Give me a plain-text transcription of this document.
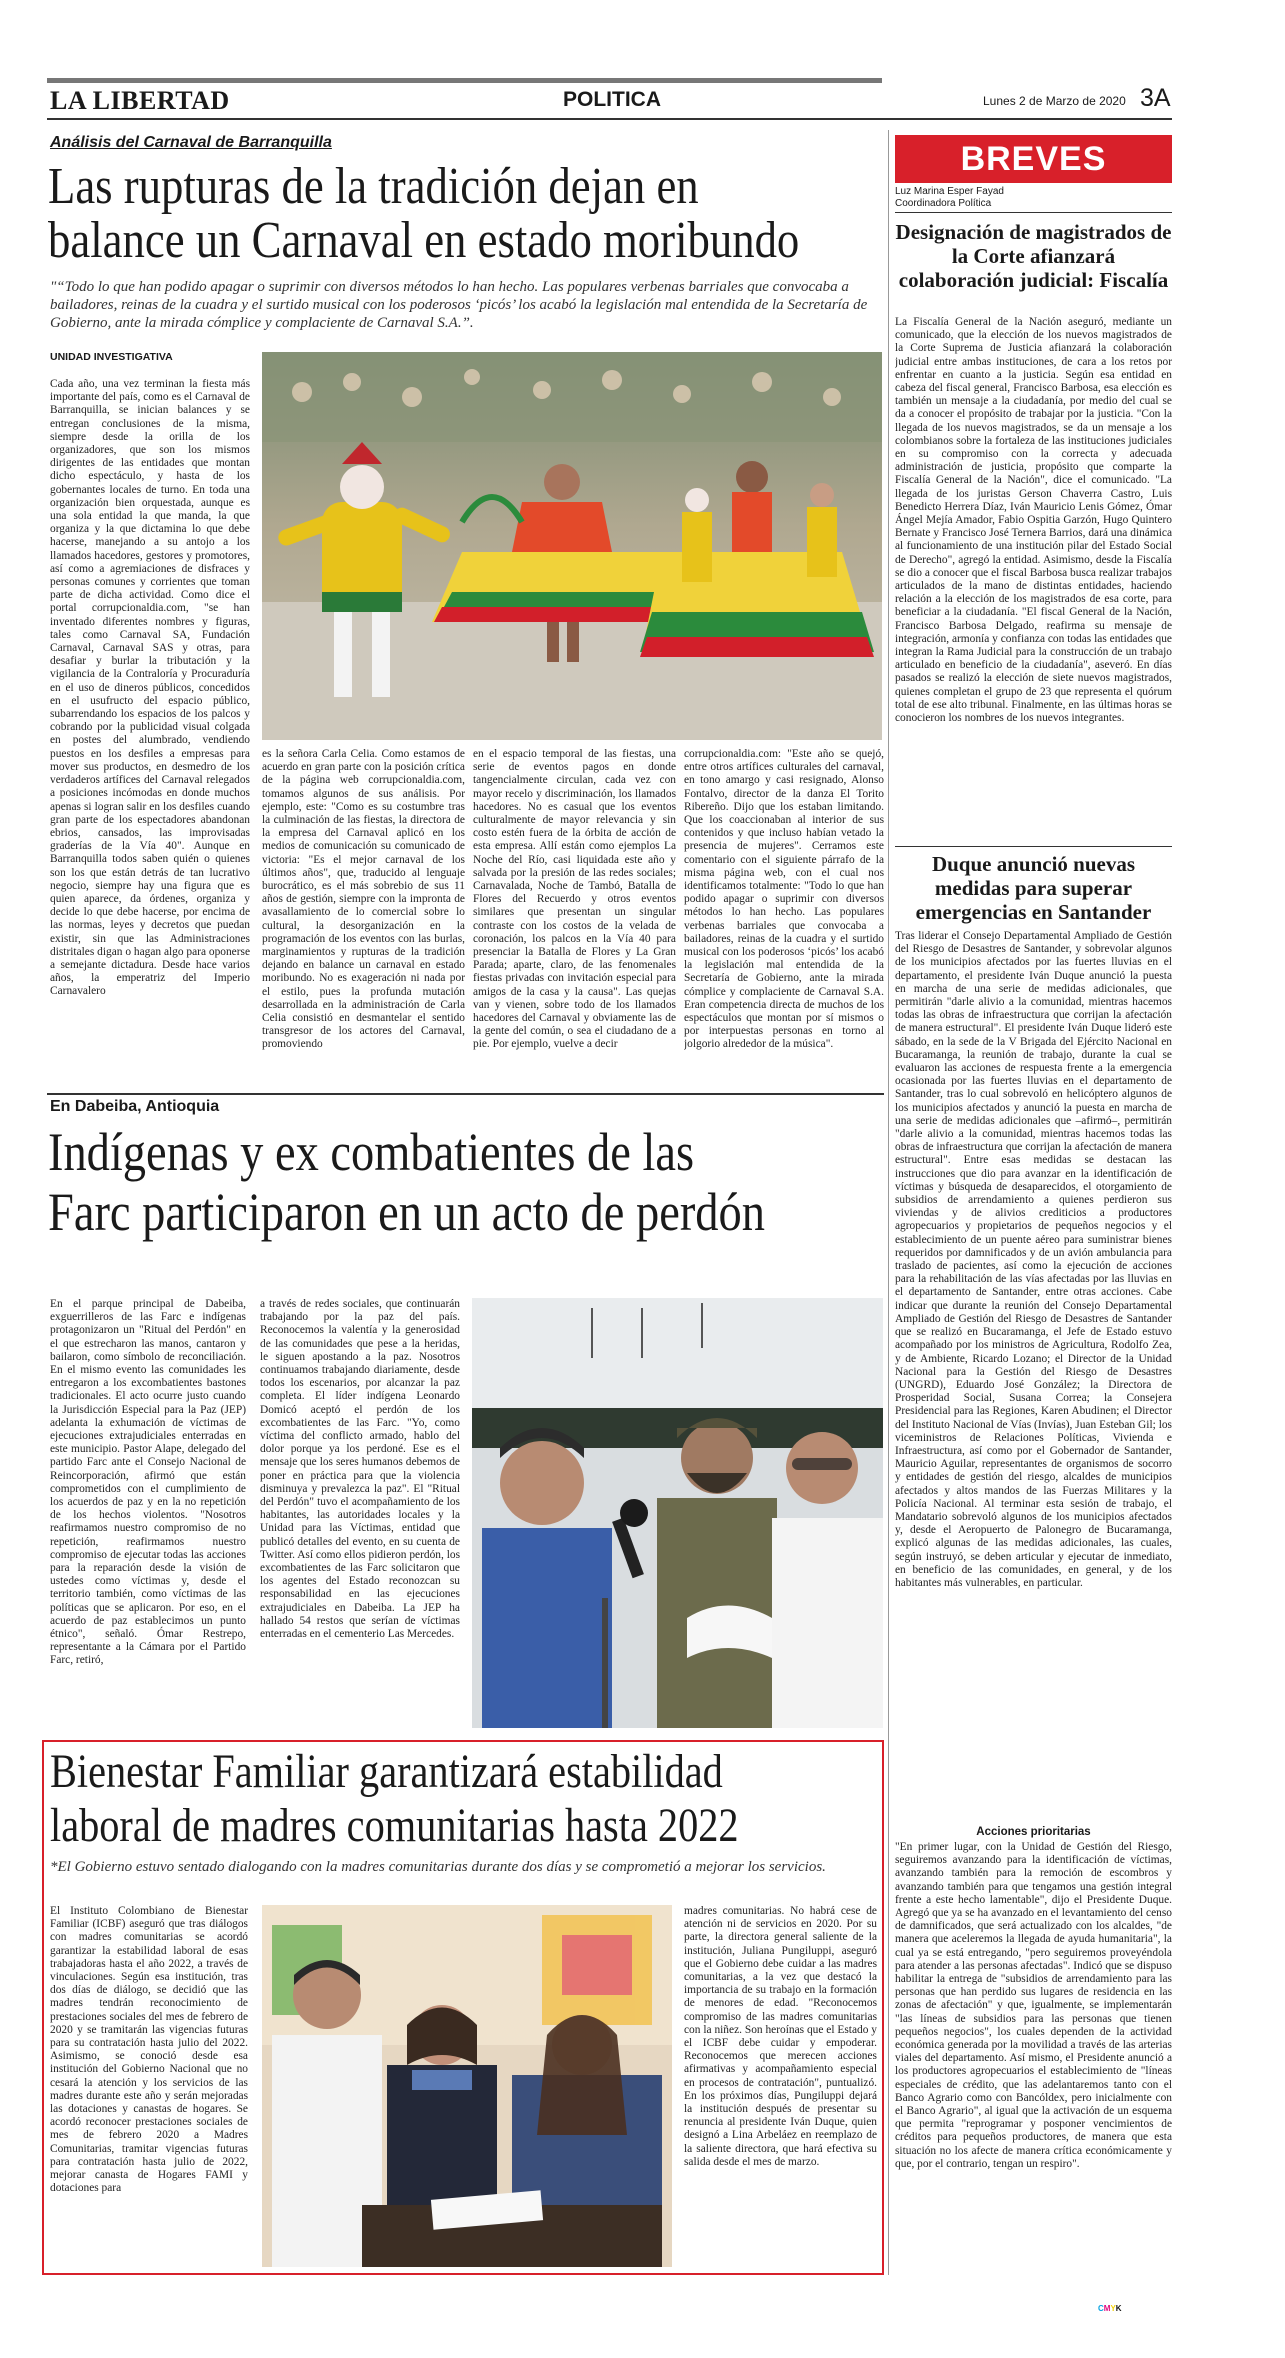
LA LIBERTAD	POLITICA	Lunes 2 de Marzo de 2020 3A
Análisis del Carnaval de Barranquilla
Las rupturas de la tradición dejan en
balance un Carnaval en estado moribundo
"“Todo lo que han podido apagar o suprimir con diversos métodos lo han hecho. Las populares verbenas barriales que convocaba a bailadores, reinas de la cuadra y el surtido musical con los poderosos ‘picós’ los acabó la legislación mal entendida de la Secretaría de Gobierno, ante la mirada cómplice y complaciente de Carnaval S.A.”.
UNIDAD INVESTIGATIVA
Cada año, una vez terminan la fiesta más importante del país, como es el Carnaval de Barranquilla, se inician balances y se entregan conclusiones de la misma, siempre desde la orilla de los organizadores, que son los mismos dirigentes de las entidades que montan dicho espectáculo, y hasta de los gobernantes locales de turno. En toda una organización bien orquestada, aunque es una sola entidad la que manda, la que organiza y la que dictamina lo que debe hacerse, manejando a su antojo a los llamados hacedores, gestores y promotores, así como a agremiaciones de disfraces y personas comunes y corrientes que toman parte de dicha actividad. Como dice el portal corrupcionaldia.com, "se han inventado diferentes nombres y figuras, tales como Carnaval SA, Fundación Carnaval, Carnaval SAS y otras, para desafiar y burlar la tributación y la vigilancia de la Contraloría y Procuraduría en el uso de dineros públicos, concedidos en el usufructo del espacio público, subarrendando los espacios de los palcos y cobrando por la publicidad visual colgada en postes del alumbrado, vendiendo puestos en los desfiles a empresas para mover sus productos, en desmedro de los verdaderos artífices del Carnaval relegados a posiciones incómodas en donde muchos apenas si logran salir en los desfiles cuando gran parte de los espectadores abandonan ebrios, cansados, las improvisadas graderías de la Vía 40". Aunque en Barranquilla todos saben quién o quienes son los que están detrás de tan lucrativo negocio, siempre hay una figura que es quien aparece, da órdenes, organiza y decide lo que debe hacerse, por encima de las normas, leyes y decretos que puedan existir, sin que las Administraciones distritales digan o hagan algo para oponerse a semejante dictadura. Desde hace varios años, la emperatriz del Imperio Carnavalero
es la señora Carla Celia. Como estamos de acuerdo en gran parte con la posición crítica de la página web corrupcionaldia.com, tomamos algunos de sus análisis. Por ejemplo, este: "Como es su costumbre tras la culminación de las fiestas, la directora de la empresa del Carnaval aplicó en los medios de comunicación su comunicado de victoria: "Es el mejor carnaval de los últimos años", que, traducido al lenguaje burocrático, es el más sobrebio de sus 11 años de gestión, siempre con la impronta de avasallamiento de lo comercial sobre lo cultural, la desorganización en la programación de los eventos con las burlas, marginamientos y rupturas de la tradición dejando en balance un carnaval en estado moribundo. No es exageración ni nada por el estilo, pues la profunda mutación desarrollada en la administración de Carla Celia consistió en desmantelar el sentido transgresor de los actores del Carnaval, promoviendo
en el espacio temporal de las fiestas, una serie de eventos pagos en donde tangencialmente circulan, cada vez con mayor recelo y discriminación, los llamados hacedores. No es casual que los eventos culturalmente de mayor relevancia y sin costo estén fuera de la órbita de acción de esta empresa. Allí están como ejemplos La Noche del Río, casi liquidada este año y salvada por la presión de las redes sociales; Carnavalada, Noche de Tambó, Batalla de Flores del Recuerdo y otros eventos similares que presentan un singular contraste con los costos de la velada de coronación, los palcos en la Vía 40 para presenciar la Batalla de Flores y La Gran Parada; aparte, claro, de las fenomenales fiestas privadas con invitación especial para amigos de la casa y la causa". Las quejas van y vienen, sobre todo de los llamados hacedores del Carnaval y obviamente las de la gente del común, o sea el ciudadano de a pie. Por ejemplo, vuelve a decir
corrupcionaldia.com: "Este año se quejó, entre otros artífices culturales del carnaval, en tono amargo y casi resignado, Alonso Fontalvo, director de la danza El Torito Ribereño. Dijo que los estaban limitando. Que los coaccionaban al interior de sus contenidos y que incluso habían vetado la presencia de mujeres". Cerramos este comentario con el siguiente párrafo de la misma página web, con el cual nos identificamos totalmente: "Todo lo que han podido apagar o suprimir con diversos métodos lo han hecho. Las populares verbenas barriales que convocaba a bailadores, reinas de la cuadra y el surtido musical con los poderosos ‘picós’ los acabó la legislación mal entendida de la Secretaría de Gobierno, ante la mirada cómplice y complaciente de Carnaval S.A. Eran competencia directa de muchos de los espectáculos que montan por sí mismos o por interpuestas personas en torno al jolgorio alrededor de la música".
En Dabeiba, Antioquia
Indígenas y ex combatientes de las
Farc participaron en un acto de perdón
En el parque principal de Dabeiba, exguerrilleros de las Farc e indígenas protagonizaron un "Ritual del Perdón" en el que estrecharon las manos, cantaron y bailaron, como símbolo de reconciliación. En el mismo evento las comunidades les entregaron a los excombatientes bastones tradicionales. El acto ocurre justo cuando la Jurisdicción Especial para la Paz (JEP) adelanta la exhumación de víctimas de ejecuciones extrajudiciales enterradas en este municipio. Pastor Alape, delegado del partido Farc ante el Consejo Nacional de Reincorporación, afirmó que están comprometidos con el cumplimiento de los acuerdos de paz y en la no repetición de los hechos violentos. "Nosotros reafirmamos nuestro compromiso de no repetición, reafirmamos nuestro compromiso de ejecutar todas las acciones para la reparación desde la visión de ustedes como víctimas y, desde el territorio también, como víctimas de las políticas que se aplicaron. Por eso, en el acuerdo de paz establecimos un punto étnico", señaló. Ómar Restrepo, representante a la Cámara por el Partido Farc, retiró,
a través de redes sociales, que continuarán trabajando por la paz del país. Reconocemos la valentía y la generosidad de las comunidades que pese a la heridas, le siguen apostando a la paz. Nosotros continuamos trabajando diariamente, desde todos los escenarios, por alcanzar la paz completa. El líder indígena Leonardo Domicó aceptó el perdón de los excombatientes de las Farc. "Yo, como víctima del conflicto armado, hablo del dolor porque ya los perdoné. Ese es el mensaje que los seres humanos debemos de poner en práctica para que la violencia disminuya y prevalezca la paz". El "Ritual del Perdón" tuvo el acompañamiento de los habitantes, las autoridades locales y la Unidad para las Víctimas, entidad que publicó detalles del evento, en su cuenta de Twitter. Así como ellos pidieron perdón, los excombatientes de las Farc solicitaron que los agentes del Estado reconozcan su responsabilidad en las ejecuciones extrajudiciales en Dabeiba. La JEP ha hallado 54 restos que serían de víctimas enterradas en el cementerio Las Mercedes.
Bienestar Familiar garantizará estabilidad
laboral de madres comunitarias hasta 2022
*El Gobierno estuvo sentado dialogando con la madres comunitarias durante dos días y se comprometió a mejorar los servicios.
El Instituto Colombiano de Bienestar Familiar (ICBF) aseguró que tras diálogos con madres comunitarias se acordó garantizar la estabilidad laboral de esas trabajadoras hasta el año 2022, a través de vinculaciones. Según esa institución, tras dos días de diálogo, se decidió que las madres tendrán reconocimiento de prestaciones sociales del mes de febrero de 2020 y se tramitarán las vigencias futuras para su contratación hasta julio del 2022. Asimismo, se conoció desde esa institución del Gobierno Nacional que no cesará la atención y los servicios de las madres durante este año y serán mejoradas las dotaciones y canastas de hogares. Se acordó reconocer prestaciones sociales de mes de febrero 2020 a Madres Comunitarias, tramitar vigencias futuras para contratación hasta julio de 2022, mejorar canasta de Hogares FAMI y dotaciones para
madres comunitarias. No habrá cese de atención ni de servicios en 2020. Por su parte, la directora general saliente de la institución, Juliana Pungiluppi, aseguró que el Gobierno debe cuidar a las madres comunitarias, a la vez que destacó la importancia de su trabajo en la formación de menores de edad. "Reconocemos compromiso de las madres comunitarias con la niñez. Son heroínas que el Estado y el ICBF debe cuidar y empoderar. Reconocemos que merecen acciones afirmativas y acompañamiento especial en procesos de contratación", puntualizó. En los próximos días, Pungiluppi dejará la institución después de presentar su renuncia al presidente Iván Duque, quien designó a Lina Arbeláez en reemplazo de la saliente directora, que hará efectiva su salida desde el mes de marzo.
BREVES
Luz Marina Esper Fayad
Coordinadora Política
Designación de magistrados de la Corte afianzará colaboración judicial: Fiscalía
La Fiscalía General de la Nación aseguró, mediante un comunicado, que la elección de los nuevos magistrados de la Corte Suprema de Justicia afianzará la colaboración judicial entre ambas instituciones, de cara a los retos por enfrentar en cuanto a la justicia. Según esa entidad en cabeza del fiscal general, Francisco Barbosa, esa elección es también un mensaje a la ciudadanía, por medio del cual se da a conocer el propósito de trabajar por la justicia. "Con la llegada de los nuevos magistrados, se da un mensaje a los colombianos sobre la fortaleza de las instituciones judiciales en su compromiso con la correcta y adecuada administración de justicia, propósito que comparte la Fiscalía General de la Nación", dice el comunicado. "La llegada de los juristas Gerson Chaverra Castro, Luis Benedicto Herrera Díaz, Iván Mauricio Lenis Gómez, Ómar Ángel Mejía Amador, Fabio Ospitia Garzón, Hugo Quintero Bernate y Francisco José Ternera Barrios, dará una dinámica al funcionamiento de una institución pilar del Estado Social de Derecho", agregó la entidad. Asimismo, desde la Fiscalía se dio a conocer que el fiscal Barbosa busca realizar trabajos articulados de la mano de distintas entidades, haciendo relación a la elección de los magistrados de esa corte, para beneficiar a la ciudadanía. "El fiscal General de la Nación, Francisco Barbosa Delgado, reafirma su mensaje de integración, armonía y confianza con todas las entidades que integran la Rama Judicial para la construcción de un trabajo articulado en beneficio de la ciudadanía", aseveró. En días pasados se realizó la elección de siete nuevos magistrados, quienes completan el grupo de 23 que representa el quórum total de ese alto tribunal. Finalmente, en las últimas horas se conocieron los nombres de los nuevos integrantes.
Duque anunció nuevas medidas para superar emergencias en Santander
Tras liderar el Consejo Departamental Ampliado de Gestión del Riesgo de Desastres de Santander, y sobrevolar algunos de los municipios afectados por las fuertes lluvias en el departamento, el presidente Iván Duque anunció la puesta en marcha de una serie de medidas adicionales, que permitirán "darle alivio a la comunidad, mientras hacemos todas las obras de infraestructura que corrijan la afectación de manera estructural". El presidente Iván Duque lideró este sábado, en la sede de la V Brigada del Ejército Nacional en Bucaramanga, la reunión de trabajo, durante la cual se evaluaron las acciones de respuesta frente a la emergencia ocasionada por las fuertes lluvias en el departamento de Santander, tras lo cual sobrevoló en helicóptero algunos de los municipios afectados y anunció la puesta en marcha de una serie de medidas adicionales que –afirmó–, permitirán "darle alivio a la comunidad, mientras hacemos todas las obras de infraestructura que corrijan la afectación de manera estructural". Entre esas medidas se destacan las instrucciones que dio para avanzar en la identificación de víctimas y búsqueda de desaparecidos, el otorgamiento de subsidios de arrendamiento a quienes perdieron sus viviendas y de alivios crediticios a productores agropecuarios y propietarios de pequeños negocios y el establecimiento de un puente aéreo para suministrar bienes requeridos por damnificados y de un avión ambulancia para traslado de pacientes, así como la ejecución de acciones para la rehabilitación de las vías afectadas por las lluvias en el departamento de Santander, entre otras acciones. Cabe indicar que durante la reunión del Consejo Departamental Ampliado de Gestión del Riesgo de Desastres de Santander que se realizó en Bucaramanga, el Jefe de Estado estuvo acompañado por los ministros de Agricultura, Rodolfo Zea, y de Ambiente, Ricardo Lozano; el Director de la Unidad Nacional para la Gestión del Riesgo de Desastres (UNGRD), Eduardo José González; la Directora de Prosperidad Social, Susana Correa; la Consejera Presidencial para las Regiones, Karen Abudinen; el Director del Instituto Nacional de Vías (Invías), Juan Esteban Gil; los viceministros de Relaciones Políticas, Vivienda e Infraestructura, así como por el Gobernador de Santander, Mauricio Aguilar, representantes de organismos de socorro y entidades de gestión del riesgo, alcaldes de municipios afectados y altos mandos de las Fuerzas Militares y la Policía Nacional. Al terminar esta sesión de trabajo, el Mandatario sobrevoló algunos de los municipios afectados y, desde el Aeropuerto de Palonegro de Bucaramanga, explicó algunas de las medidas adicionales, las cuales, según instruyó, se deben articular y ejecutar de inmediato, en beneficio de las comunidades, en general, y de los habitantes más vulnerables, en particular.
Acciones prioritarias
"En primer lugar, con la Unidad de Gestión del Riesgo, seguiremos avanzando para la identificación de víctimas, avanzando también para la remoción de escombros y avanzando también para que tengamos una gestión integral frente a este hecho lamentable", dijo el Presidente Duque. Agregó que ya se ha avanzado en el levantamiento del censo de damnificados, que será actualizado con los alcaldes, "de manera que aceleremos la llegada de ayuda humanitaria", la cual ya se está entregando, "pero seguiremos proveyéndola para atender a las personas afectadas". Indicó que se dispuso habilitar la entrega de "subsidios de arrendamiento para las personas que han perdido sus lugares de residencia en las zonas de afectación" y que, igualmente, se implementarán "las líneas de subsidios para las personas que tienen pequeños negocios", los cuales dependen de la actividad económica generada por la movilidad a través de las arterias viales del departamento. Así mismo, el Presidente anunció a los productores agropecuarios el establecimiento de "líneas especiales de crédito, que las adelantaremos tanto con el Banco Agrario como con Bancóldex, pero inicialmente con el Banco Agrario", al igual que la activación de un esquema que permita "reprogramar y posponer vencimientos de créditos para pequeños productores, de manera que esta situación no los afecte de manera crítica económicamente y que, por el contrario, tengan un respiro".
CMYK
